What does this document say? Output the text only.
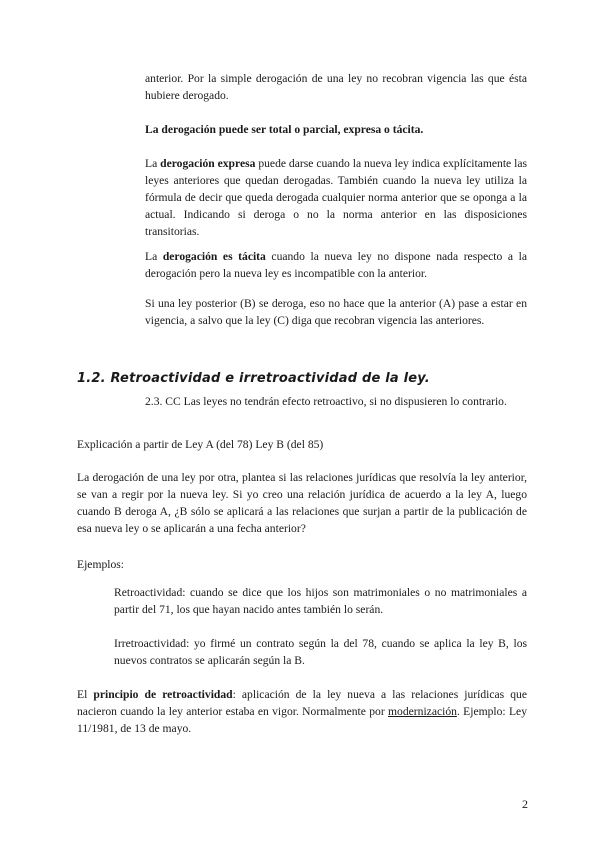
anterior. Por la simple derogación de una ley no recobran vigencia las que ésta hubiere derogado.

La derogación puede ser total o parcial, expresa o tácita.

La derogación expresa puede darse cuando la nueva ley indica explícitamente las leyes anteriores que quedan derogadas. También cuando la nueva ley utiliza la fórmula de decir que queda derogada cualquier norma anterior que se oponga a la actual. Indicando si deroga o no la norma anterior en las disposiciones transitorias.

La derogación es tácita cuando la nueva ley no dispone nada respecto a la derogación pero la nueva ley es incompatible con la anterior.

Si una ley posterior (B) se deroga, eso no hace que la anterior (A) pase a estar en vigencia, a salvo que la ley (C) diga que recobran vigencia las anteriores.

1.2. Retroactividad e irretroactividad de la ley.

2.3. CC Las leyes no tendrán efecto retroactivo, si no dispusieren lo contrario.

Explicación a partir de Ley A (del 78) Ley B (del 85)

La derogación de una ley por otra, plantea si las relaciones jurídicas que resolvía la ley anterior, se van a regir por la nueva ley. Si yo creo una relación jurídica de acuerdo a la ley A, luego cuando B deroga A, ¿B sólo se aplicará a las relaciones que surjan a partir de la publicación de esa nueva ley o se aplicarán a una fecha anterior?

Ejemplos:

Retroactividad: cuando se dice que los hijos son matrimoniales o no matrimoniales a partir del 71, los que hayan nacido antes también lo serán.

Irretroactividad: yo firmé un contrato según la del 78, cuando se aplica la ley B, los nuevos contratos se aplicarán según la B.

El principio de retroactividad: aplicación de la ley nueva a las relaciones jurídicas que nacieron cuando la ley anterior estaba en vigor. Normalmente por modernización. Ejemplo: Ley 11/1981, de 13 de mayo.

2
